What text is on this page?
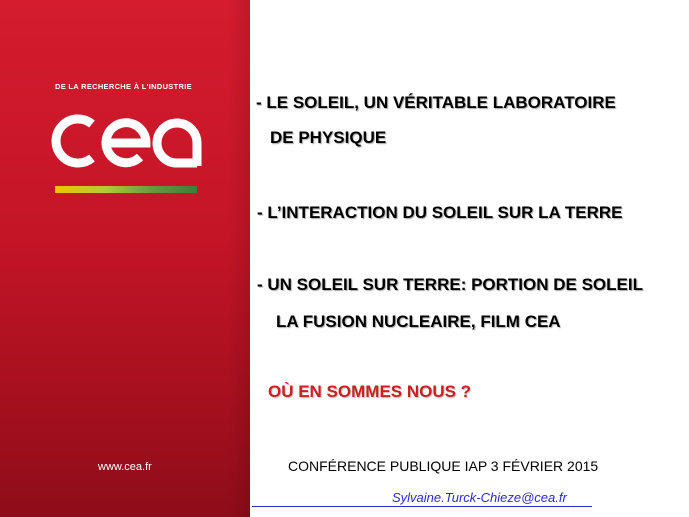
DE LA RECHERCHE À L'INDUSTRIE
www.cea.fr
- LE SOLEIL, UN VÉRITABLE LABORATOIRE
DE PHYSIQUE
- L’INTERACTION DU SOLEIL SUR LA TERRE
- UN SOLEIL SUR TERRE: PORTION DE SOLEIL
LA FUSION NUCLEAIRE, FILM CEA
OÙ EN SOMMES NOUS ?
CONFÉRENCE PUBLIQUE IAP 3 FÉVRIER 2015
Sylvaine.Turck-Chieze@cea.fr
